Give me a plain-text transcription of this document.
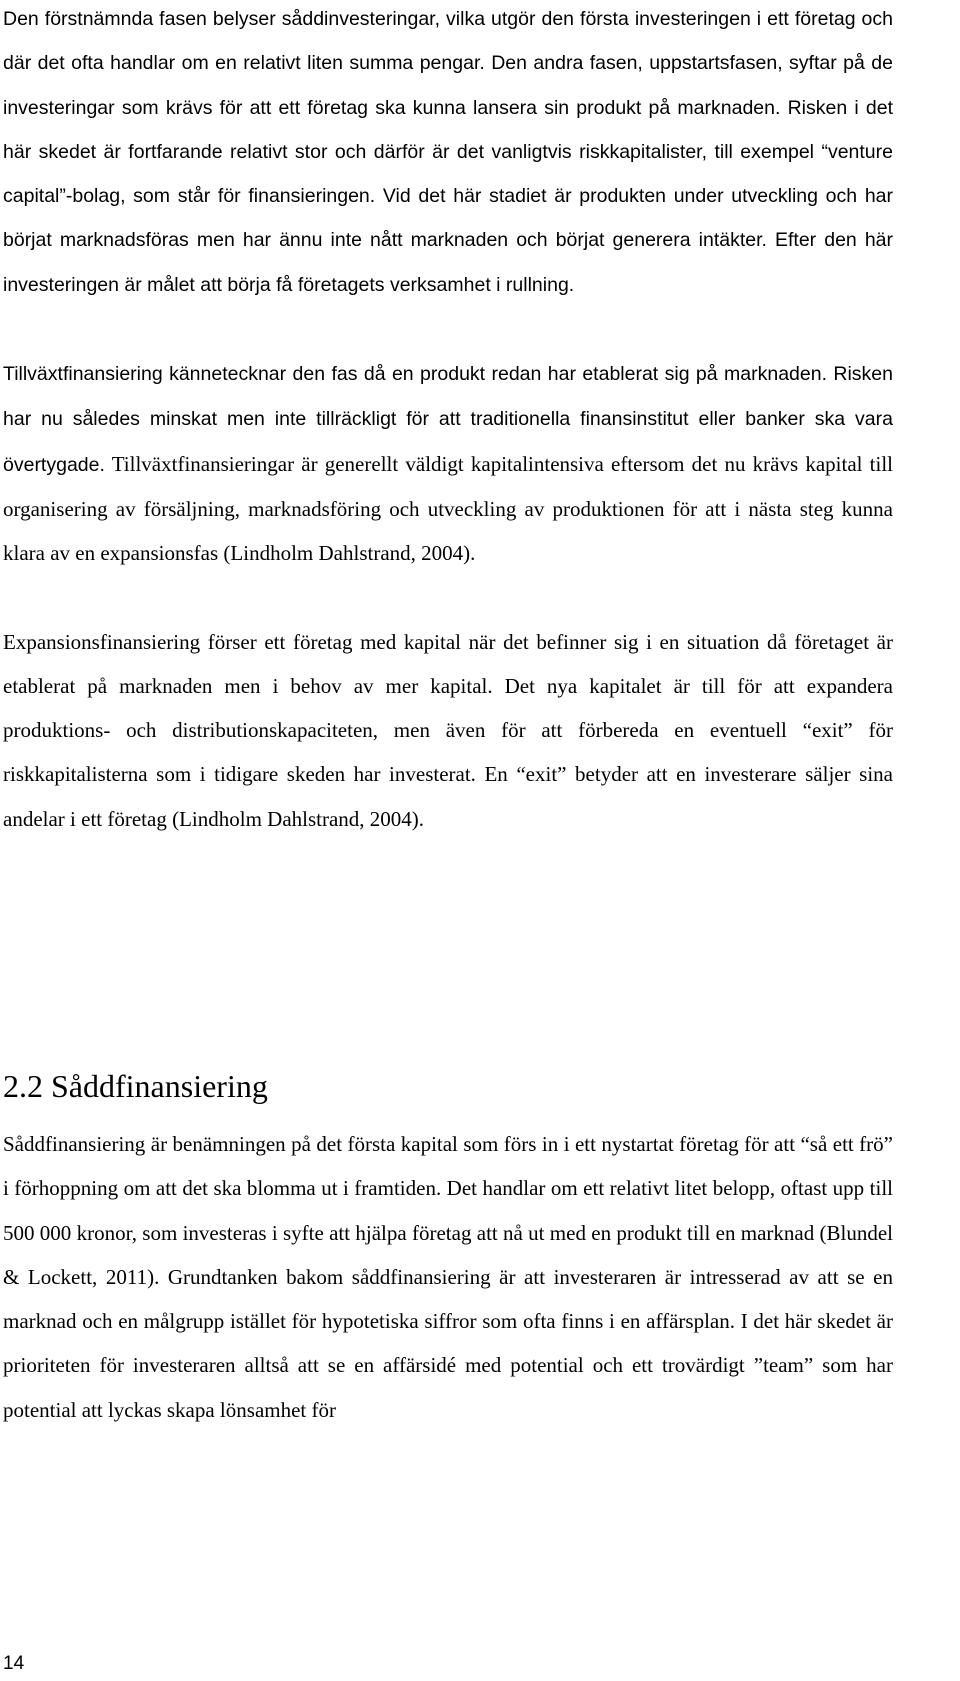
Den förstnämnda fasen belyser såddinvesteringar, vilka utgör den första investeringen i ett företag och där det ofta handlar om en relativt liten summa pengar. Den andra fasen, uppstartsfasen, syftar på de investeringar som krävs för att ett företag ska kunna lansera sin produkt på marknaden. Risken i det här skedet är fortfarande relativt stor och därför är det vanligtvis riskkapitalister, till exempel “venture capital”-bolag, som står för finansieringen. Vid det här stadiet är produkten under utveckling och har börjat marknadsföras men har ännu inte nått marknaden och börjat generera intäkter. Efter den här investeringen är målet att börja få företagets verksamhet i rullning.

Tillväxtfinansiering kännetecknar den fas då en produkt redan har etablerat sig på marknaden. Risken har nu således minskat men inte tillräckligt för att traditionella finansinstitut eller banker ska vara övertygade. Tillväxtfinansieringar är generellt väldigt kapitalintensiva eftersom det nu krävs kapital till organisering av försäljning, marknadsföring och utveckling av produktionen för att i nästa steg kunna klara av en expansionsfas (Lindholm Dahlstrand, 2004).

Expansionsfinansiering förser ett företag med kapital när det befinner sig i en situation då företaget är etablerat på marknaden men i behov av mer kapital. Det nya kapitalet är till för att expandera produktions- och distributionskapaciteten, men även för att förbereda en eventuell “exit” för riskkapitalisterna som i tidigare skeden har investerat. En “exit” betyder att en investerare säljer sina andelar i ett företag (Lindholm Dahlstrand, 2004).

2.2 Såddfinansiering

Såddfinansiering är benämningen på det första kapital som förs in i ett nystartat företag för att “så ett frö” i förhoppning om att det ska blomma ut i framtiden. Det handlar om ett relativt litet belopp, oftast upp till 500 000 kronor, som investeras i syfte att hjälpa företag att nå ut med en produkt till en marknad (Blundel & Lockett, 2011). Grundtanken bakom såddfinansiering är att investeraren är intresserad av att se en marknad och en målgrupp istället för hypotetiska siffror som ofta finns i en affärsplan. I det här skedet är prioriteten för investeraren alltså att se en affärsidé med potential och ett trovärdigt ”team” som har potential att lyckas skapa lönsamhet för

14
